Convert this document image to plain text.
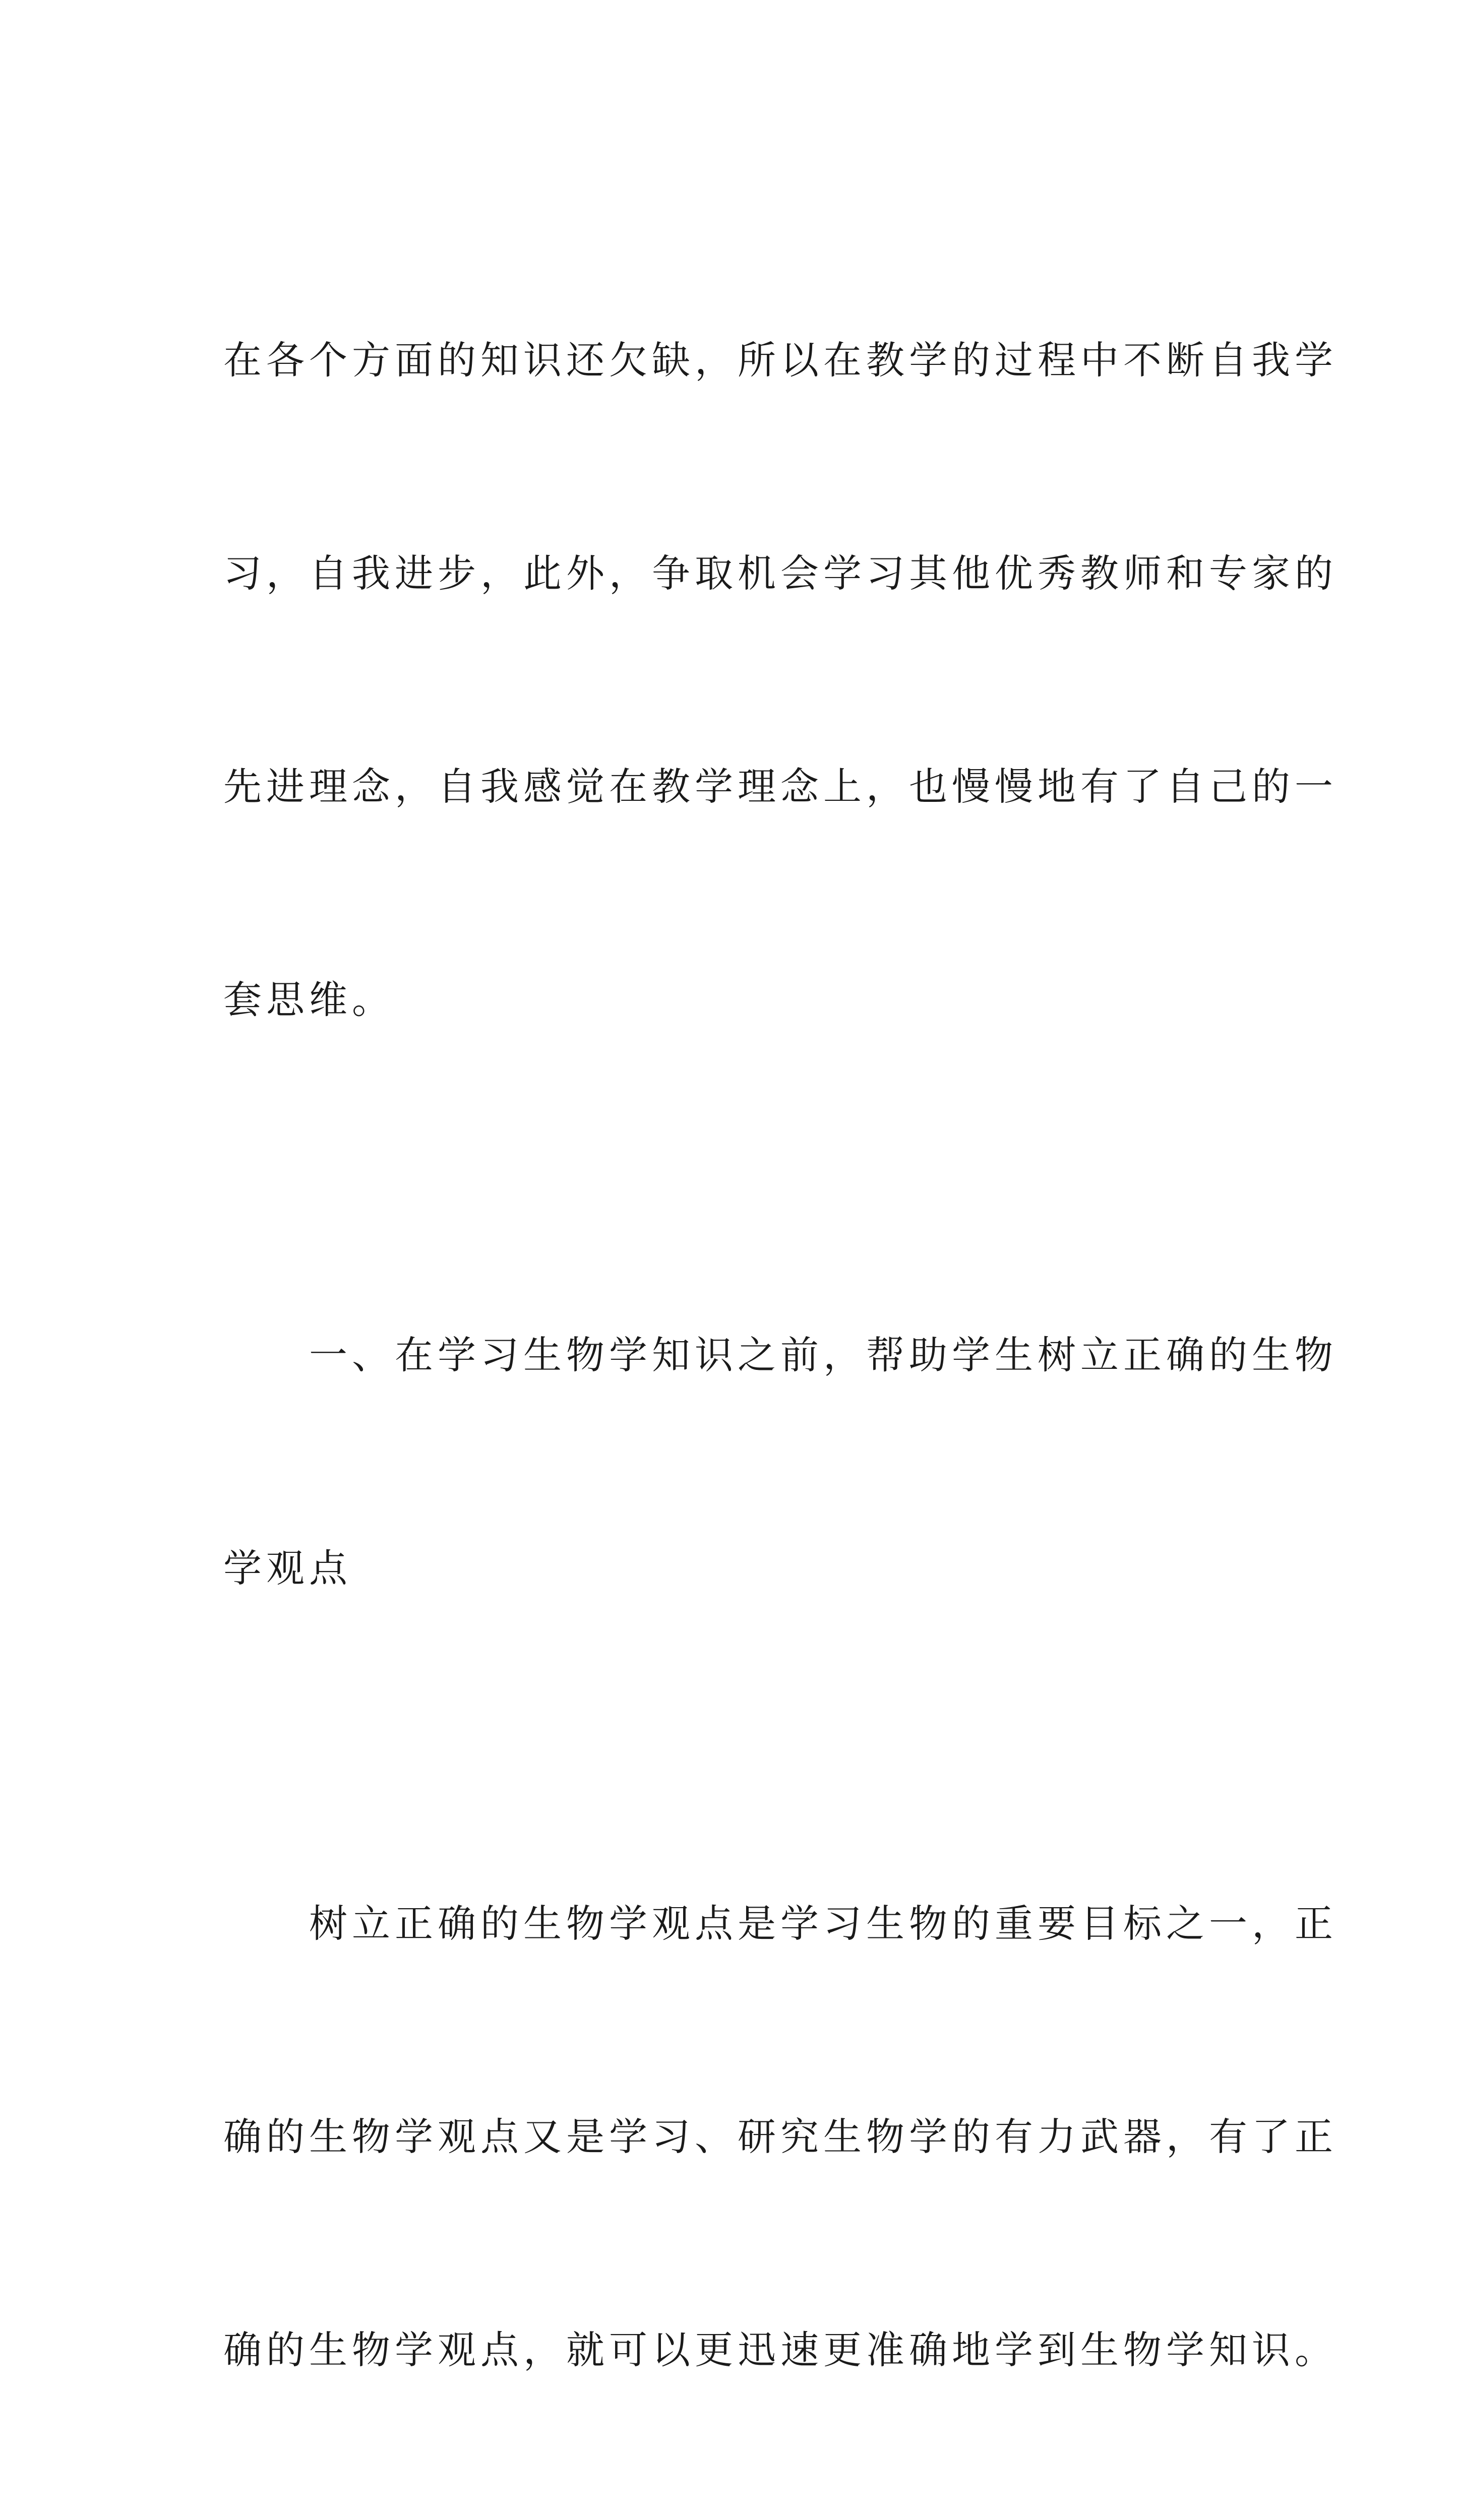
在各个方面的知识还欠缺，所以在教学的过程中不断自我学

习，自我进步，此外，争取机会学习其他优秀教师和专家的

先进理念，自我感觉在教学理念上，也慢慢地有了自己的一

套思维。

一、在学习生物学知识之前，帮助学生树立正确的生物

学观点

树立正确的生物学观点是学习生物的重要目标之一，正

确的生物学观点又是学习、研究生物学的有力武器，有了正

确的生物学观点，就可以更迅速更准确地学到生物学知识。
